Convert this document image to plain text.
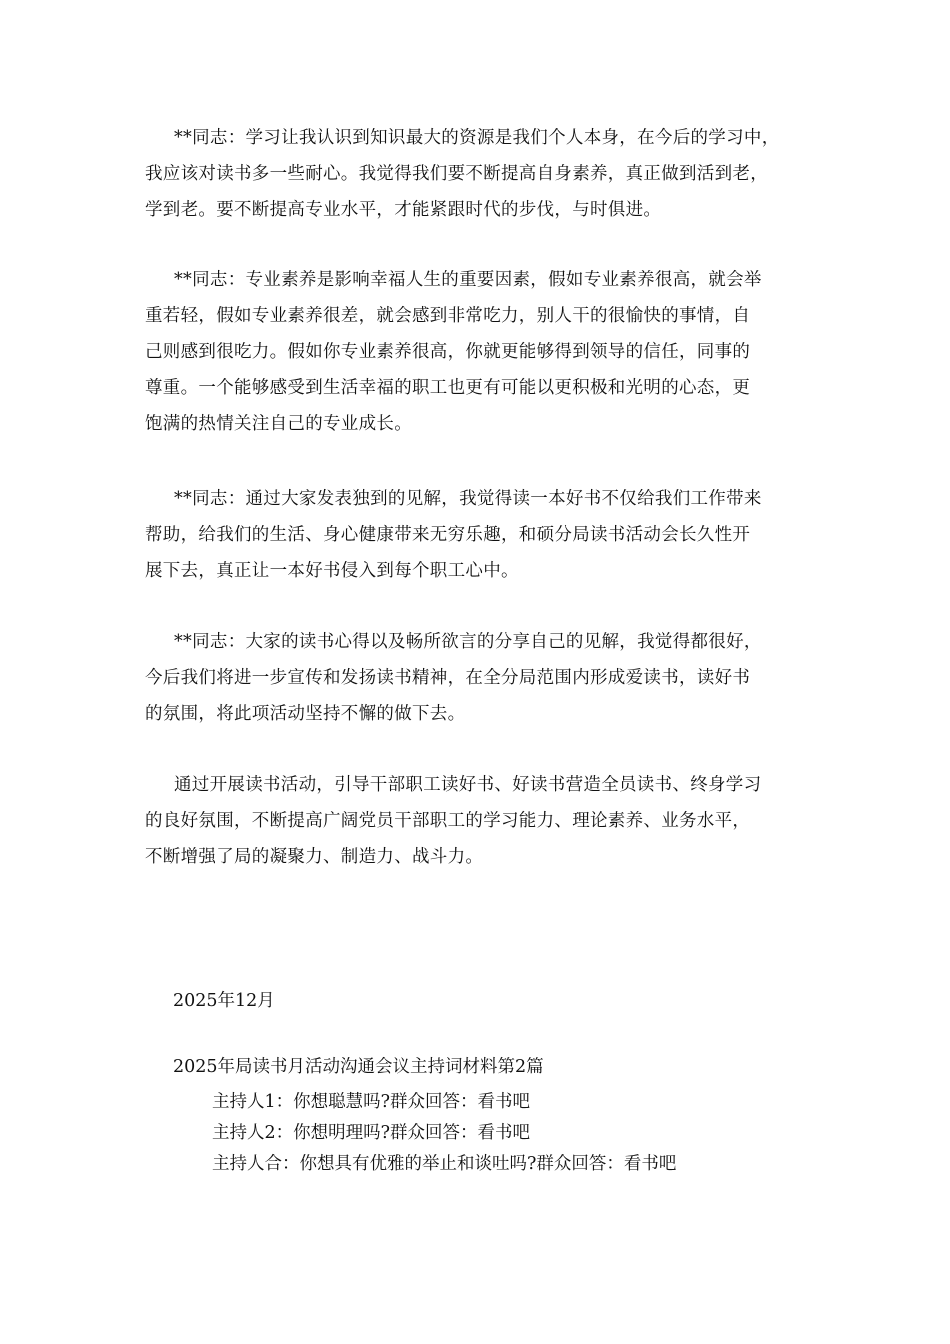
**同志：学习让我认识到知识最大的资源是我们个人本身，在今后的学习中，
我应该对读书多一些耐心。我觉得我们要不断提高自身素养，真正做到活到老，
学到老。要不断提高专业水平，才能紧跟时代的步伐，与时俱进。
**同志：专业素养是影响幸福人生的重要因素，假如专业素养很高，就会举
重若轻，假如专业素养很差，就会感到非常吃力，别人干的很愉快的事情，自
己则感到很吃力。假如你专业素养很高，你就更能够得到领导的信任，同事的
尊重。一个能够感受到生活幸福的职工也更有可能以更积极和光明的心态，更
饱满的热情关注自己的专业成长。
**同志：通过大家发表独到的见解，我觉得读一本好书不仅给我们工作带来
帮助，给我们的生活、身心健康带来无穷乐趣，和硕分局读书活动会长久性开
展下去，真正让一本好书侵入到每个职工心中。
**同志：大家的读书心得以及畅所欲言的分享自己的见解，我觉得都很好，
今后我们将进一步宣传和发扬读书精神，在全分局范围内形成爱读书，读好书
的氛围，将此项活动坚持不懈的做下去。
通过开展读书活动，引导干部职工读好书、好读书营造全员读书、终身学习
的良好氛围，不断提高广阔党员干部职工的学习能力、理论素养、业务水平，
不断增强了局的凝聚力、制造力、战斗力。
2025年12月
2025年局读书月活动沟通会议主持词材料第2篇
主持人1：你想聪慧吗?群众回答：看书吧
主持人2：你想明理吗?群众回答：看书吧
主持人合：你想具有优雅的举止和谈吐吗?群众回答：看书吧
